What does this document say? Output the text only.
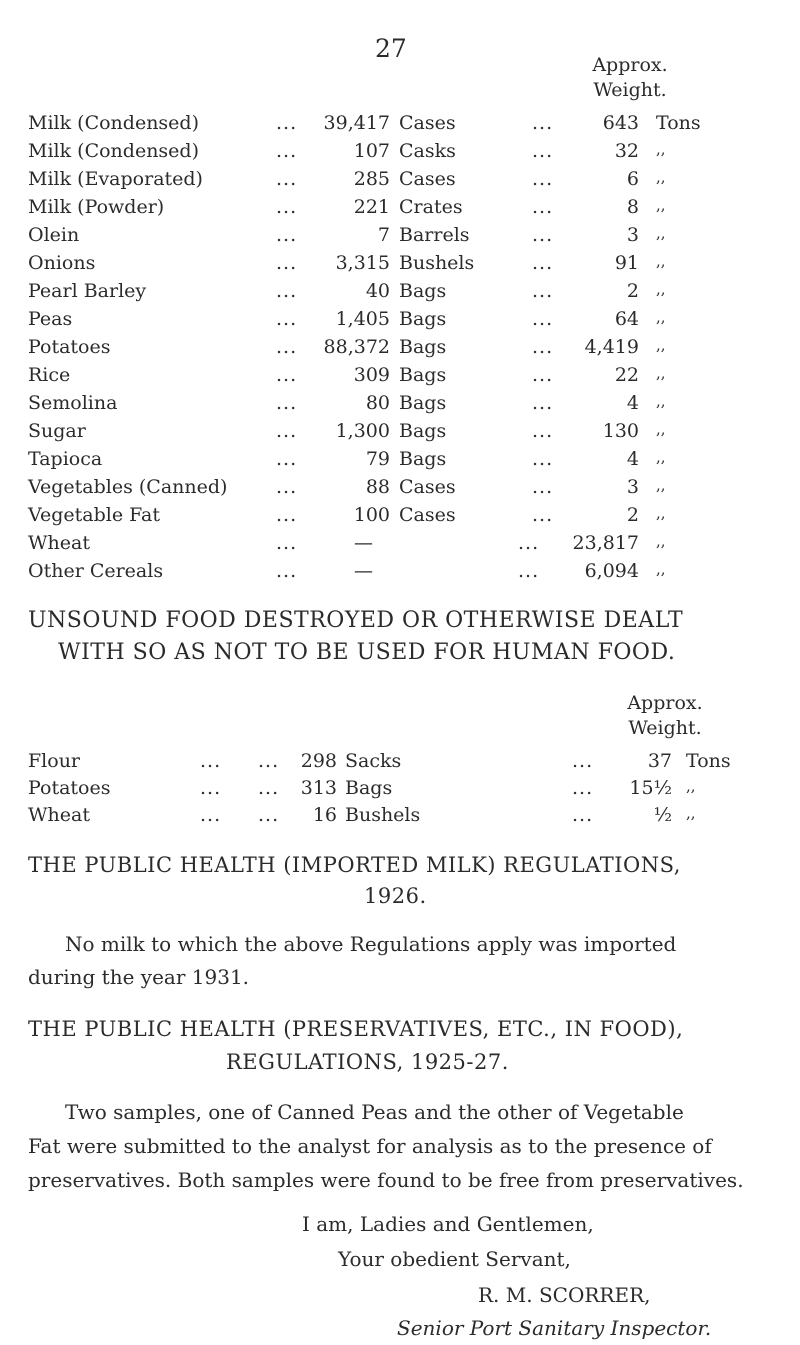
27
Approx.
Weight.
Milk (Condensed)	... 39,417 Cases	...	643 Tons
Milk (Condensed)	...	107 Casks	...	32 ,,
Milk (Evaporated)	...	285 Cases	...	6 ,,
Milk (Powder)	...	221 Crates	...	8 ,,
Olein	...	7 Barrels	...	3 ,,
Onions	... 3,315 Bushels	...	91 ,,
Pearl Barley	...	40 Bags	...	2 ,,
Peas	... 1,405 Bags	...	64 ,,
Potatoes	... 88,372 Bags	... 4,419 ,,
Rice	...	309 Bags	...	22 ,,
Semolina	...	80 Bags	...	4 ,,
Sugar	... 1,300 Bags	...	130 ,,
Tapioca	...	79 Bags	...	4 ,,
Vegetables (Canned)	...	88 Cases	...	3 ,,
Vegetable Fat	...	100 Cases	...	2 ,,
Wheat	...	—	... 23,817 ,,
Other Cereals	...	—	... 6,094 ,,
UNSOUND FOOD DESTROYED OR OTHERWISE DEALT
WITH SO AS NOT TO BE USED FOR HUMAN FOOD.
Approx.
Weight.
Flour	... ... 298 Sacks	...	37 Tons
Potatoes	... ... 313 Bags	... 15½ ,,
Wheat	... ... 16 Bushels	...	½ ,,
THE PUBLIC HEALTH (IMPORTED MILK) REGULATIONS,
1926.
No milk to which the above Regulations apply was imported
during the year 1931.
THE PUBLIC HEALTH (PRESERVATIVES, ETC., IN FOOD),
REGULATIONS, 1925-27.
Two samples, one of Canned Peas and the other of Vegetable
Fat were submitted to the analyst for analysis as to the presence of
preservatives. Both samples were found to be free from preservatives.
I am, Ladies and Gentlemen,
Your obedient Servant,
R. M. SCORRER,
Senior Port Sanitary Inspector.
